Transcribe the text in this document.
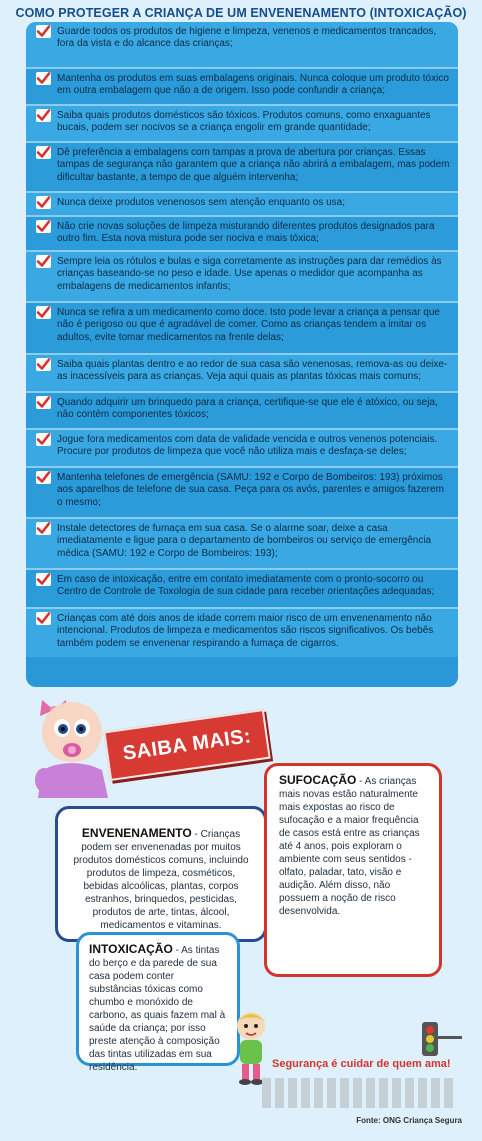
COMO PROTEGER A CRIANÇA DE UM ENVENENAMENTO (INTOXICAÇÃO)
Guarde todos os produtos de higiene e limpeza, venenos e medicamentos trancados, fora da vista e do alcance das crianças;
Mantenha os produtos em suas embalagens originais. Nunca coloque um produto tóxico em outra embalagem que não a de origem. Isso pode confundir a criança;
Saiba quais produtos domésticos são tóxicos. Produtos comuns, como enxaguantes bucais, podem ser nocivos se a criança engolir em grande quantidade;
Dê preferência a embalagens com tampas a prova de abertura por crianças. Essas tampas de segurança não garantem que a criança não abrirá a embalagem, mas podem dificultar bastante, a tempo de que alguém intervenha;
Nunca deixe produtos venenosos sem atenção enquanto os usa;
Não crie novas soluções de limpeza misturando diferentes produtos designados para outro fim. Esta nova mistura pode ser nociva e mais tóxica;
Sempre leia os rótulos e bulas e siga corretamente as instruções para dar remédios às crianças baseando-se no peso e idade. Use apenas o medidor que acompanha as embalagens de medicamentos infantis;
Nunca se refira a um medicamento como doce. Isto pode levar a criança a pensar que não é perigoso ou que é agradável de comer. Como as crianças tendem a imitar os adultos, evite tomar medicamentos na frente delas;
Saiba quais plantas dentro e ao redor de sua casa são venenosas, remova-as ou deixe-as inacessíveis para as crianças. Veja aqui quais as plantas tóxicas mais comuns;
Quando adquirir um brinquedo para a criança, certifique-se que ele é atóxico, ou seja, não contém componentes tóxicos;
Jogue fora medicamentos com data de validade vencida e outros venenos potenciais. Procure por produtos de limpeza que você não utiliza mais e desfaça-se deles;
Mantenha telefones de emergência (SAMU: 192 e Corpo de Bombeiros: 193) próximos aos aparelhos de telefone de sua casa. Peça para os avós, parentes e amigos fazerem o mesmo;
Instale detectores de fumaça em sua casa. Se o alarme soar, deixe a casa imediatamente e ligue para o departamento de bombeiros ou serviço de emergência médica (SAMU: 192 e Corpo de Bombeiros: 193);
Em caso de intoxicação, entre em contato imediatamente com o pronto-socorro ou Centro de Controle de Toxologia de sua cidade para receber orientações adequadas;
Crianças com até dois anos de idade correm maior risco de um envenenamento não intencional. Produtos de limpeza e medicamentos são riscos significativos. Os bebês também podem se envenenar respirando a fumaça de cigarros.
SAIBA MAIS:
ENVENENAMENTO - Crianças podem ser envenenadas por muitos produtos domésticos comuns, incluindo produtos de limpeza, cosméticos, bebidas alcoólicas, plantas, corpos estranhos, brinquedos, pesticidas, produtos de arte, tintas, álcool, medicamentos e vitaminas.
SUFOCAÇÃO - As crianças mais novas estão naturalmente mais expostas ao risco de sufocação e a maior frequência de casos está entre as crianças até 4 anos, pois exploram o ambiente com seus sentidos - olfato, paladar, tato, visão e audição. Além disso, não possuem a noção de risco desenvolvida.
INTOXICAÇÃO - As tintas do berço e da parede de sua casa podem conter substâncias tóxicas como chumbo e monóxido de carbono, as quais fazem mal à saúde da criança; por isso preste atenção à composição das tintas utilizadas em sua residência.	Segurança é cuidar de quem ama!
Fonte: ONG Criança Segura
